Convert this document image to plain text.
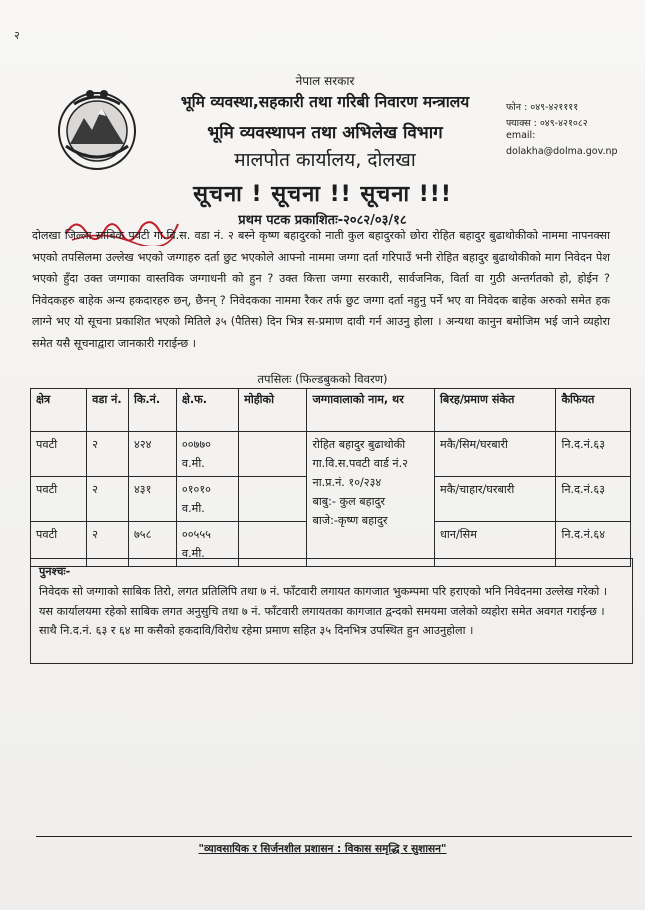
२
नेपाल सरकार
भूमि व्यवस्था,सहकारी तथा गरिबी निवारण मन्त्रालय
भूमि व्यवस्थापन तथा अभिलेख विभाग
मालपोत कार्यालय, दोलखा
फोन : ०४९-४२११११
फ्याक्स : ०४९-४२१०८२
email:
dolakha@dolma.gov.np
सूचना ! सूचना !! सूचना !!!
प्रथम पटक प्रकाशितः-२०८२/०३/१८
दोलखा जिल्ला साबिक पवटी गा.वि.स. वडा नं. २ बस्ने कृष्ण बहादुरको नाती कुल बहादुरको छोरा रोहित बहादुर बुढाथोकीको नाममा नापनक्सा भएको तपसिलमा उल्लेख भएको जग्गाहरु दर्ता छुट भएकोले आफ्नो नाममा जग्गा दर्ता गरिपाउँ भनी रोहित बहादुर बुढाथोकीको माग निवेदन पेश भएको हुँदा उक्त जग्गाका वास्तविक जग्गाधनी को हुन ? उक्त कित्ता जग्गा सरकारी, सार्वजनिक, विर्ता वा गुठी अन्तर्गतको हो, होईन ? निवेदकहरु बाहेक अन्य हकदारहरु छन्, छैनन् ? निवेदकका नाममा रैकर तर्फ छुट जग्गा दर्ता नहुनु पर्ने भए वा निवेदक बाहेक अरुको समेत हक लाग्ने भए यो सूचना प्रकाशित भएको मितिले ३५ (पैतिस) दिन भित्र स-प्रमाण दावी गर्न आउनु होला । अन्यथा कानुन बमोजिम भई जाने व्यहोरा समेत यसै सूचनाद्वारा जानकारी गराईन्छ ।
तपसिलः (फिल्डबुकको विवरण)
क्षेत्र	वडा नं.	कि.नं.	क्षे.फ.	मोहीको	जग्गावालाको नाम, थर	बिरह/प्रमाण संकेत	कैफियत
पवटी	२	४२४	००७७० व.मी.		रोहित बहादुर बुढाथोकी
गा.वि.स.पवटी वार्ड नं.२
ना.प्र.नं. १०/२३४
बाबु:- कुल बहादुर
बाजे:-कृष्ण बहादुर	मकै/सिम/घरबारी	नि.द.नं.६३
पवटी	२	४३१	०१०१० व.मी.			मकै/चाहार/घरबारी	नि.द.नं.६३
पवटी	२	७५८	००५५५ व.मी.			धान/सिम	नि.द.नं.६४
पुनश्चः-
निवेदक सो जग्गाको साबिक तिरो, लगत प्रतिलिपि तथा ७ नं. फाँटवारी लगायत कागजात भुकम्पमा परि हराएको भनि निवेदनमा उल्लेख गरेको । यस कार्यालयमा रहेको साबिक लगत अनुसुचि तथा ७ नं. फाँटवारी लगायतका कागजात द्वन्दको समयमा जलेको व्यहोरा समेत अवगत गराईन्छ । साथै नि.द.नं. ६३ र ६४ मा कसैको हकदावि/विरोध रहेमा प्रमाण सहित ३५ दिनभित्र उपस्थित हुन आउनुहोला ।
"व्यावसायिक र सिर्जनशील प्रशासन : विकास समृद्धि र सुशासन"
